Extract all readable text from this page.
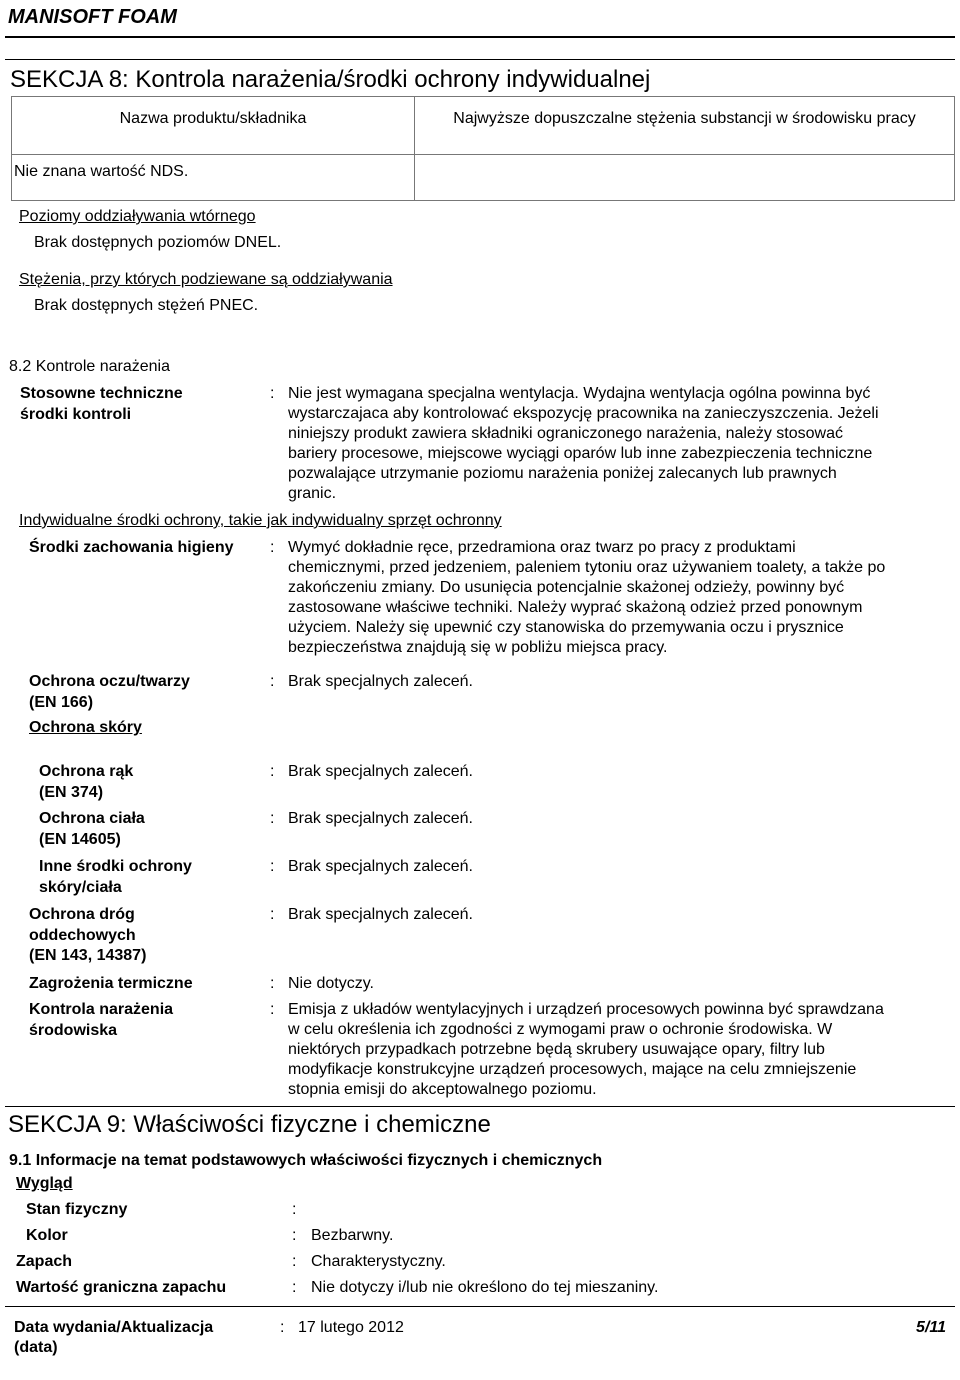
MANISOFT FOAM
SEKCJA 8: Kontrola narażenia/środki ochrony indywidualnej
Nazwa produktu/składnika	Najwyższe dopuszczalne stężenia substancji w środowisku pracy
Nie znana wartość NDS.	
Poziomy oddziaływania wtórnego
Brak dostępnych poziomów DNEL.
Stężenia, przy których podziewane są oddziaływania
Brak dostępnych stężeń PNEC.
8.2 Kontrole narażenia
Stosowne techniczne
środki kontroli
: Nie jest wymagana specjalna wentylacja. Wydajna wentylacja ogólna powinna być
wystarczajaca aby kontrolować ekspozycję pracownika na zanieczyszczenia. Jeżeli
niniejszy produkt zawiera składniki ograniczonego narażenia, należy stosować
bariery procesowe, miejscowe wyciągi oparów lub inne zabezpieczenia techniczne
pozwalające utrzymanie poziomu narażenia poniżej zalecanych lub prawnych
granic.
Indywidualne środki ochrony, takie jak indywidualny sprzęt ochronny
Środki zachowania higieny : Wymyć dokładnie ręce, przedramiona oraz twarz po pracy z produktami
chemicznymi, przed jedzeniem, paleniem tytoniu oraz używaniem toalety, a także po
zakończeniu zmiany. Do usunięcia potencjalnie skażonej odzieży, powinny być
zastosowane właściwe techniki. Należy wyprać skażoną odzież przed ponownym
użyciem. Należy się upewnić czy stanowiska do przemywania oczu i prysznice
bezpieczeństwa znajdują się w pobliżu miejsca pracy.
Ochrona oczu/twarzy
(EN 166)
: Brak specjalnych zaleceń.
Ochrona skóry
Ochrona rąk
(EN 374)
: Brak specjalnych zaleceń.
Ochrona ciała
(EN 14605)
: Brak specjalnych zaleceń.
Inne środki ochrony
skóry/ciała
: Brak specjalnych zaleceń.
Ochrona dróg
oddechowych
(EN 143, 14387)
: Brak specjalnych zaleceń.
Zagrożenia termiczne	: Nie dotyczy.
Kontrola narażenia
środowiska
: Emisja z układów wentylacyjnych i urządzeń procesowych powinna być sprawdzana
w celu określenia ich zgodności z wymogami praw o ochronie środowiska. W
niektórych przypadkach potrzebne będą skrubery usuwające opary, filtry lub
modyfikacje konstrukcyjne urządzeń procesowych, mające na celu zmniejszenie
stopnia emisji do akceptowalnego poziomu.
SEKCJA 9: Właściwości fizyczne i chemiczne
9.1 Informacje na temat podstawowych właściwości fizycznych i chemicznych
Wygląd
Stan fizyczny	:
Kolor	: Bezbarwny.
Zapach	: Charakterystyczny.
Wartość graniczna zapachu	: Nie dotyczy i/lub nie określono do tej mieszaniny.
Data wydania/Aktualizacja
(data)
: 17 lutego 2012	5/11
